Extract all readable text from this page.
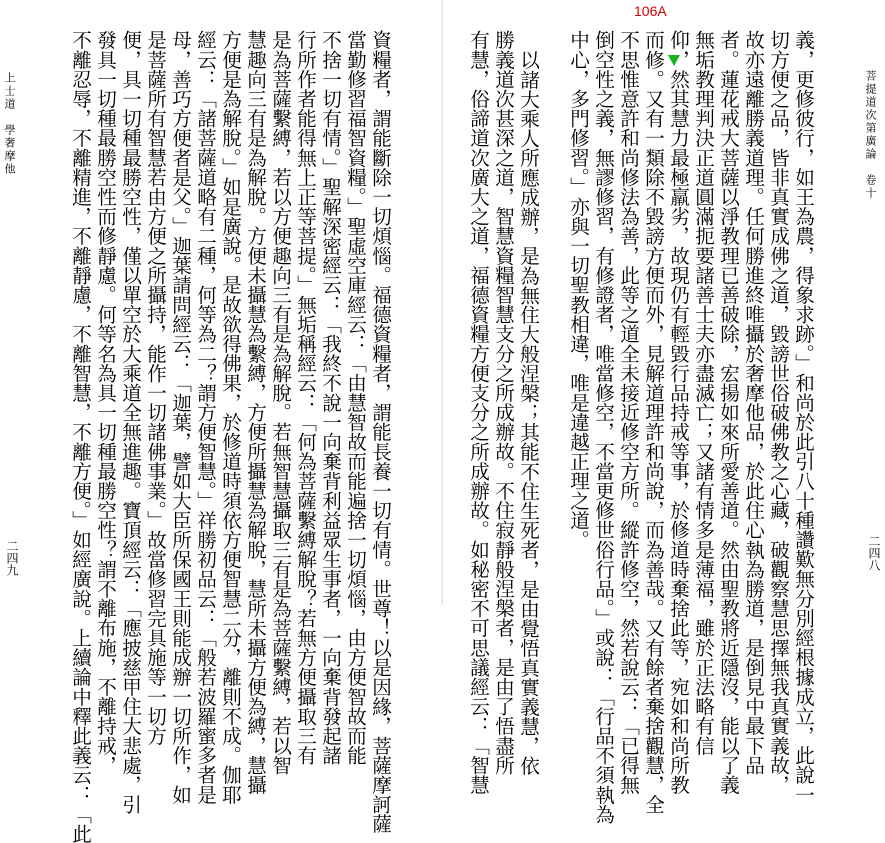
上士道　學奢摩他
二四九	資糧者，謂能斷除一切煩惱。福德資糧者，謂能長養一切有情。世尊！以是因緣，菩薩摩訶薩
當勤修習福智資糧。」聖虛空庫經云：「由慧智故而能遍捨一切煩惱，由方便智故而能
不捨一切有情。」聖解深密經云：「我終不說一向棄背利益眾生事者，一向棄背發起諸
行所作者能得無上正等菩提。」無垢稱經云：「何為菩薩繫縛解脫？若無方便攝取三有
是為菩薩繫縛，若以方便趣向三有是為解脫。若無智慧攝取三有是為菩薩繫縛，若以智
慧趣向三有是為解脫。方便未攝慧為繫縛，方便所攝慧為解脫，慧所未攝方便為縛，慧攝
方便是為解脫。」如是廣說。是故欲得佛果，於修道時須依方便智慧二分，離則不成。伽耶
經云：「諸菩薩道略有二種，何等為二？謂方便智慧。」祥勝初品云：「般若波羅蜜多者是
母，善巧方便者是父。」迦葉請問經云：「迦葉，譬如大臣所保國王則能成辦一切所作，如
是菩薩所有智慧若由方便之所攝持，能作一切諸佛事業。」故當修習完具施等一切方
便，具一切種最勝空性，僅以單空於大乘道全無進趣。寶頂經云：「應披慈甲住大悲處，引
發具一切種最勝空性而修靜慮。何等名為具一切種最勝空性？謂不離布施，不離持戒，
不離忍辱，不離精進，不離靜慮，不離智慧，不離方便。」如經廣說。上續論中釋此義云：「此
106A
菩提道次第廣論　卷十
二四八
義，更修彼行，如王為農，得象求跡。」和尚於此引八十種讚歎無分別經根據成立，此說一
切方便之品，皆非真實成佛之道，毀謗世俗破佛教之心藏，破觀察慧思擇無我真實義故，
故亦遠離勝義道理。任何勝進終唯攝於奢摩他品，於此住心執為勝道，是倒見中最下品
者。蓮花戒大菩薩以淨教理已善破除，宏揚如來所愛善道。然由聖教將近隱沒，能以了義
無垢教理判決正道圓滿扼要諸善士夫亦盡滅亡；又諸有情多是薄福，雖於正法略有信
仰，然其慧力最極羸劣，故現仍有輕毀行品持戒等事，於修道時棄捨此等，宛如和尚所教
而修。又有一類除不毀謗方便而外，見解道理許和尚說，而為善哉。又有餘者棄捨觀慧，全
不思惟意許和尚修法為善，此等之道全未接近修空方所。縱許修空，然若說云：「已得無
倒空性之義，無謬修習，有修證者，唯當修空，不當更修世俗行品。」或說：「行品不須執為
中心，多門修習。」亦與一切聖教相違，唯是違越正理之道。
以諸大乘人所應成辦，是為無住大般涅槃；其能不住生死者，是由覺悟真實義慧，依
勝義道次甚深之道，智慧資糧智慧支分之所成辦故。不住寂靜般涅槃者，是由了悟盡所
有慧，俗諦道次廣大之道，福德資糧方便支分之所成辦故。如秘密不可思議經云：「智慧
